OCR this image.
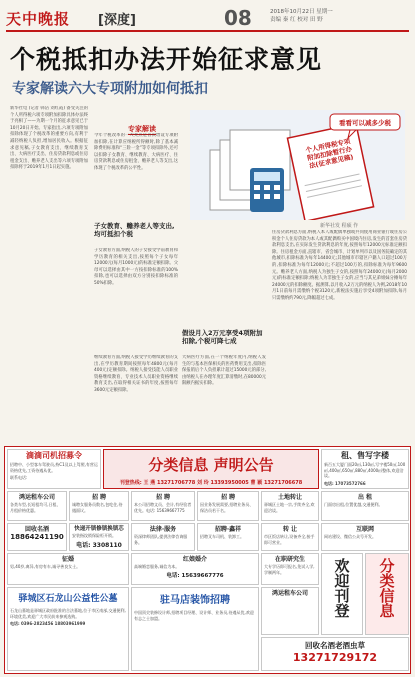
天中晚报 [深度]	08	2018年10月22日 星期一
责编 秦 红 校对 田 野
个税抵扣办法开始征求意见
专家解读六大专项附加如何抵扣
新华社电 (记者 韩洁 刘红霞) 备受关注的个人所得税六项专项附加扣除具体办法终于亮相了——为期一个月的征求意见已于10月20日开始。专家指出,六项专项附加扣除体现了个税改革的重要方向,有利于减轻纳税人负担,增加居民收入。根据征求意见稿,子女教育支出、继续教育支出、大病医疗支出、住房贷款利息或住房租金支出、赡养老人支出等六项专项附加扣除将于2019年1月1日起实施。
专家解读
今年个税改革的一大亮点是首次增设专项附加扣除,在计算应纳税所得额时,除了基本减除费用标准和“三险一金”等专项扣除外,还可以扣除子女教育、继续教育、大病医疗、住房贷款利息或住房租金、赡养老人等支出,这体现了个税改革的公平性。
子女教育、赡养老人等支出,均可抵扣个税
子女教育方面,纳税人的子女接受学前教育和学历教育的相关支出,按照每个子女每年12000元(每月1000元)的标准定额扣除。父母可以选择由其中一方按扣除标准的100%扣除,也可以选择由双方分别按扣除标准的50%扣除。
继续教育方面,纳税人接受学历继续教育的支出,在学历教育期间按照每年4800元(每月400元)定额扣除。纳税人接受技能人员职业资格继续教育、专业技术人员职业资格继续教育支出,在取得相关证书的年度,按照每年3600元定额扣除。
假设月入2万元享受4项附加扣除,个税可降七成
大病医疗方面,在一个纳税年度内,纳税人发生的与基本医保相关的医药费用支出,扣除医保报销后个人负担累计超过15000元的部分,由纳税人在办理年度汇算清缴时,在80000元限额内据实扣除。
住房贷款利息方面,纳税人本人或配偶单独或共同使用商业银行或住房公积金个人住房贷款为本人或其配偶购买中国境内住房,发生的首套住房贷款利息支出,在实际发生贷款利息的年度,按照每年12000元标准定额扣除。住房租金方面,直辖市、省会城市、计划单列市以及国务院确定的其他城市,扣除标准为每年14400元;其他城市市辖区户籍人口超过100万的,扣除标准为每年12000元;不超过100万的,扣除标准为每年9600元。赡养老人方面,纳税人为独生子女的,按照每年24000元(每月2000元)的标准定额扣除;纳税人为非独生子女的,应当与其兄弟姐妹分摊每年24000元的扣除额度。据测算,以月收入2万元的纳税人为例,2018年10月1日前每月需缴纳个税3120元,新税法实施后享受4项附加扣除,每月只需缴纳约790元,降幅超过七成。
看看可以减多少税
个人所得税专项附加扣除暂行办法(征求意见稿)
新华社发 程硕 作
滴滴司机招募令
招聘中、小型客车驾驶员,持C1及以上驾照,有营运资格优先,工资待遇从优。
联系电话:
分类信息 声明公告
刊登热线: 王 燕 13271706778 刘 玲 13393950005 曹 颖 13271706678
租、售写字楼
新百五大厦门面20㎡,130㎡,写字楼50㎡,100㎡,400㎡,650㎡,880㎡,4000㎡整体,欢迎洽谈。
电话: 17073572766
鸿运租车公司
各类车型,长短租均可,日租、月租价格优惠。
招 聘
诚聘女服务员数名,包吃住,待遇面议。
招 聘
本公司招聘文员、会计,有经验者优先。电话: 15639667775
招 聘
因业务发展需要,招聘业务员、保洁员若干名。
土地转让
驿城区土地一宗,手续齐全,欢迎洽谈。
出 租
门面房出租,位置优越,交通便利。
回收名酒
18864241190
快递开锁修锁换锁芯
安装指纹锁保险柜开锁。
电话: 3308110
法律·服务
资深律师团队,提供法律咨询服务。
招聘·鑫祥
招聘叉车司机、装卸工。
转 让
市区饭店转让,设备齐全,接手即可营业。
互联网
网站建设、微信公众号开发。
征婚
男,40岁,离异,有房有车,诚寻善良女士。
红娘婚介
高端婚恋服务,诚信为本。
电话: 15639667776
在职研究生
大专学历即可报名,免试入学,学制两年。
驿城区石龙山公益性公墓
石龙山墓地是驿城区政府批准的合法墓地,位于市区南部,交通便利,环境优美,欢迎广大市民前来参观选购。
电话: 0396-2823456 18803961999
驻马店装饰招聘
中国顶尖装修设计师,招聘项目经理、设计师、业务员,待遇从优,欢迎有志之士加盟。	欢迎刊登 分类信息
回收名酒老酒虫草
13271729172
鸿运租车公司
